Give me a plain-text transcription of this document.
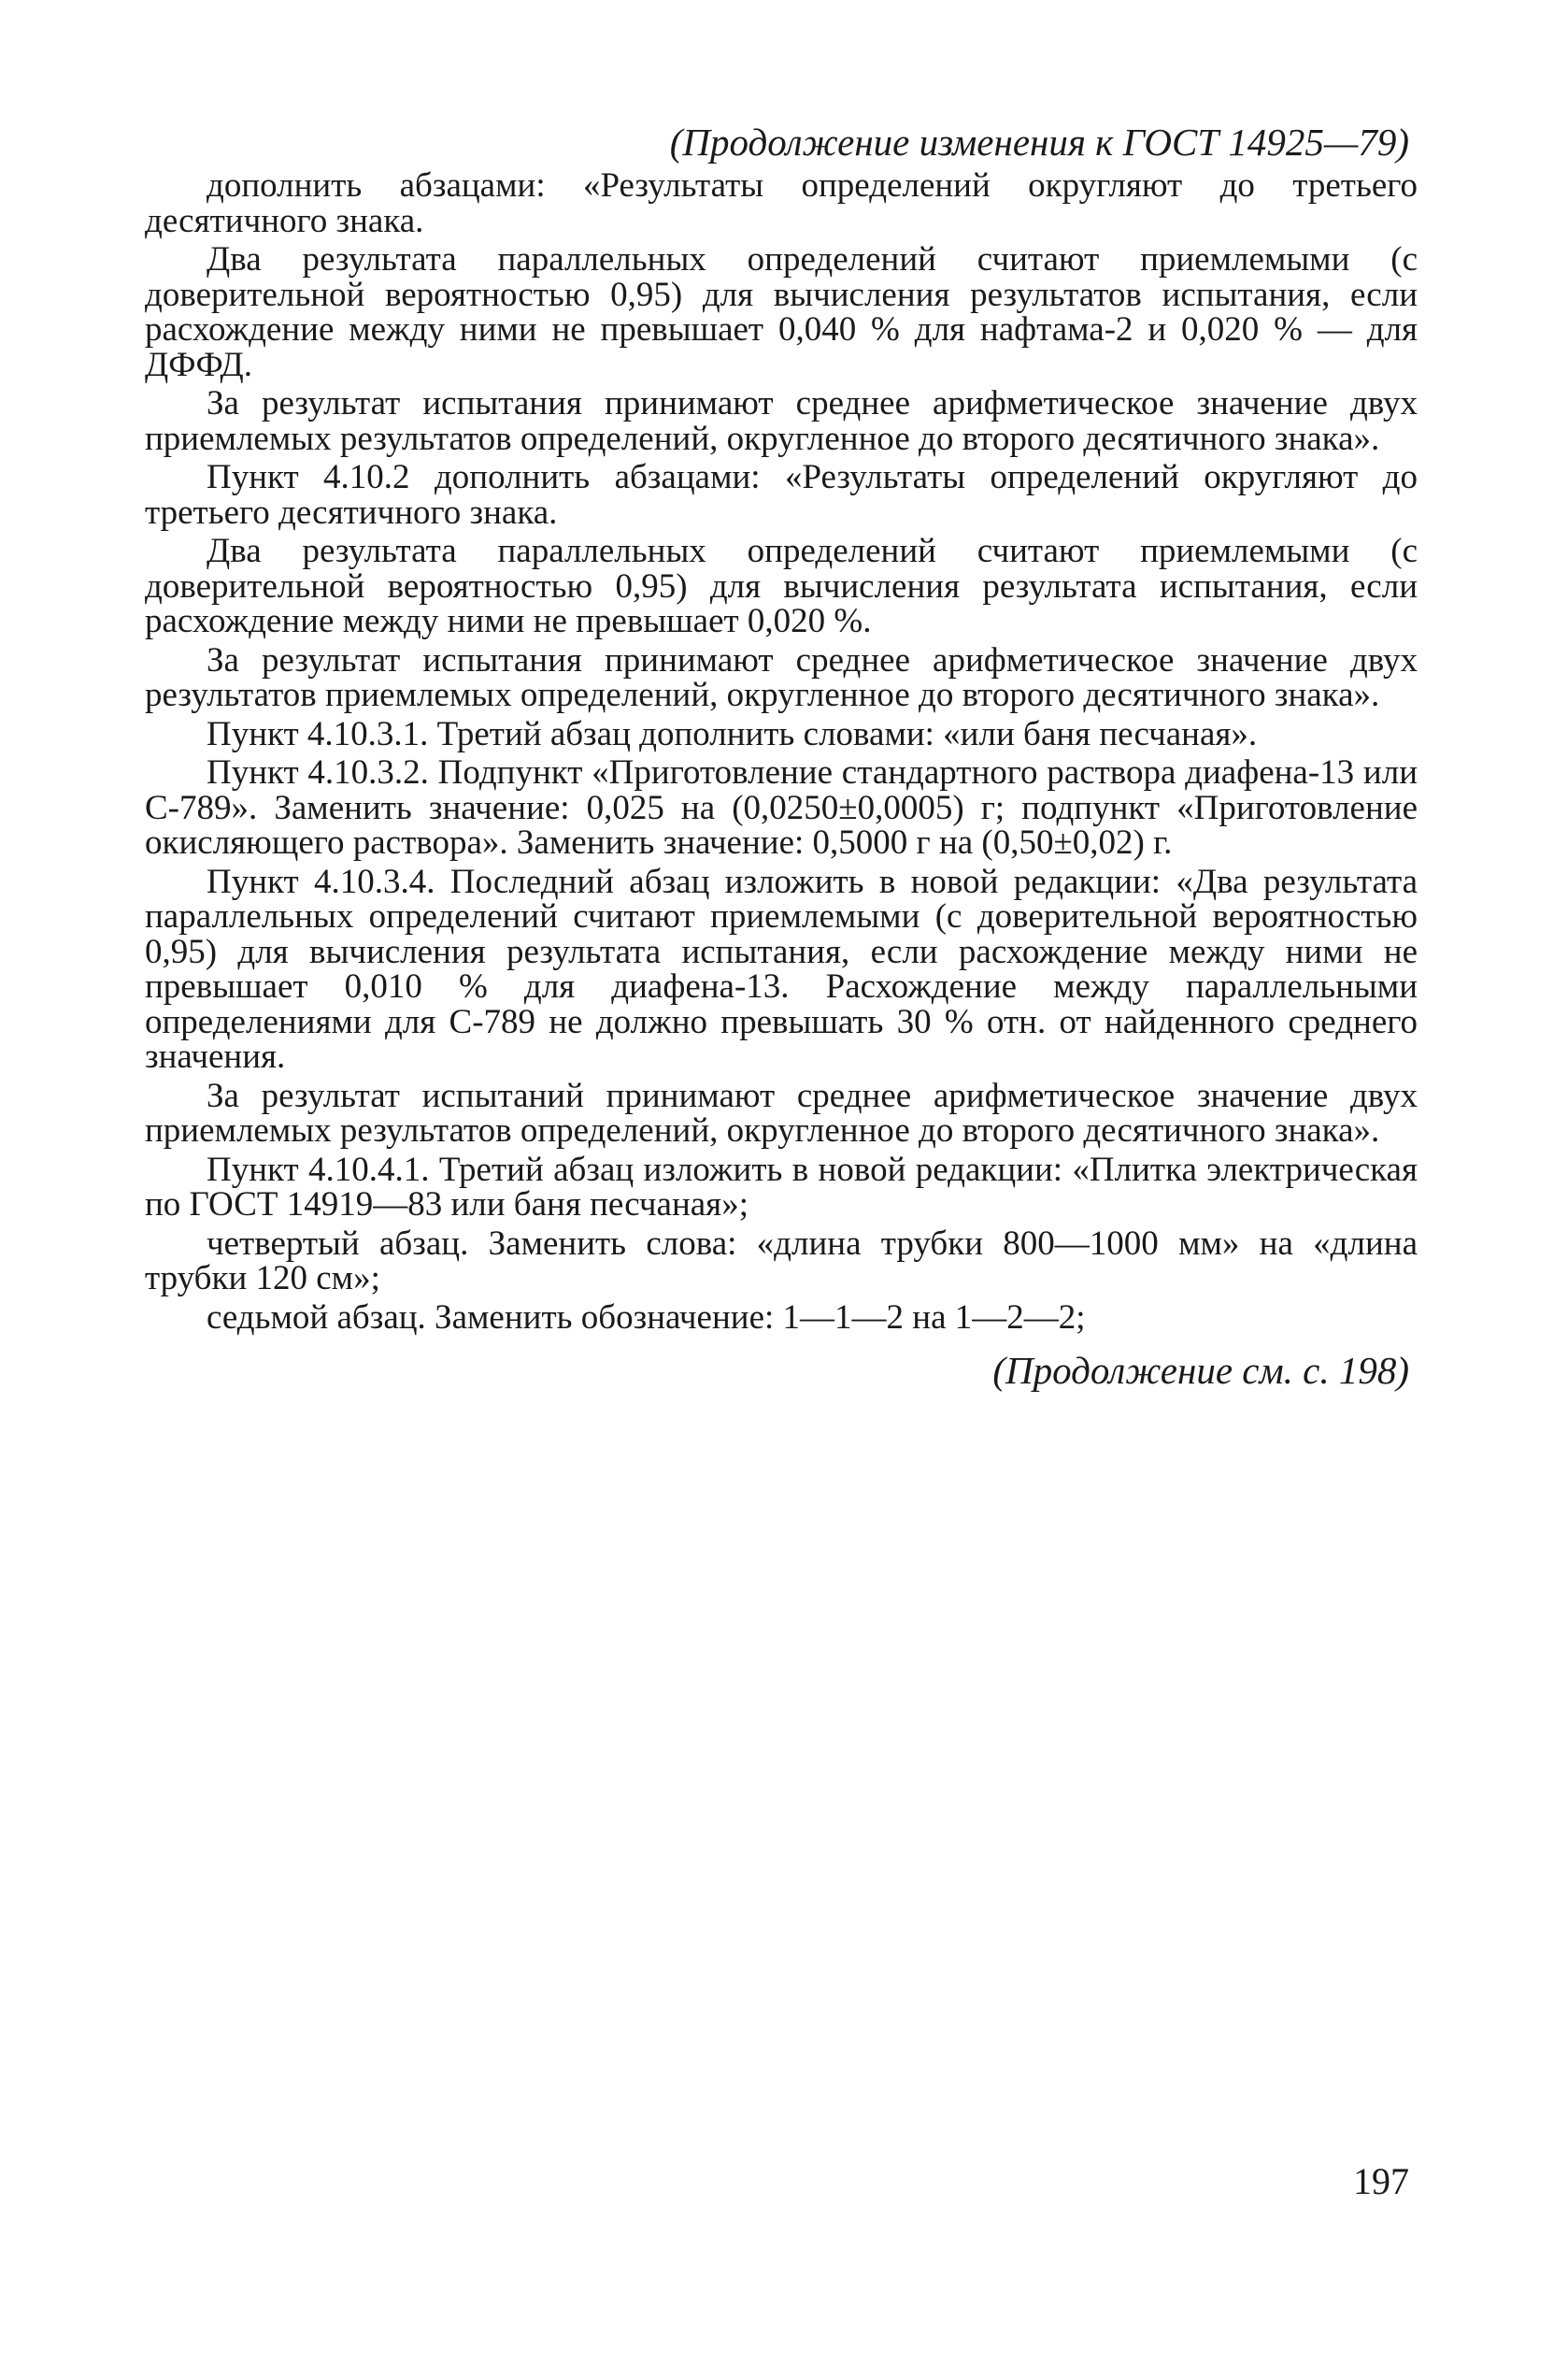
(Продолжение изменения к ГОСТ 14925—79)

дополнить абзацами: «Результаты определений округляют до третьего десятичного знака.

Два результата параллельных определений считают приемлемыми (с доверительной вероятностью 0,95) для вычисления результатов испытания, если расхождение между ними не превышает 0,040 % для нафтама-2 и 0,020 % — для ДФФД.

За результат испытания принимают среднее арифметическое значение двух приемлемых результатов определений, округленное до второго десятичного знака».

Пункт 4.10.2 дополнить абзацами: «Результаты определений округляют до третьего десятичного знака.

Два результата параллельных определений считают приемлемыми (с доверительной вероятностью 0,95) для вычисления результата испытания, если расхождение между ними не превышает 0,020 %.

За результат испытания принимают среднее арифметическое значение двух результатов приемлемых определений, округленное до второго десятичного знака».

Пункт 4.10.3.1. Третий абзац дополнить словами: «или баня песчаная».

Пункт 4.10.3.2. Подпункт «Приготовление стандартного раствора диафена-13 или С-789». Заменить значение: 0,025 на (0,0250±0,0005) г; подпункт «Приготовление окисляющего раствора». Заменить значение: 0,5000 г на (0,50±0,02) г.

Пункт 4.10.3.4. Последний абзац изложить в новой редакции: «Два результата параллельных определений считают приемлемыми (с доверительной вероятностью 0,95) для вычисления результата испытания, если расхождение между ними не превышает 0,010 % для диафена-13. Расхождение между параллельными определениями для С-789 не должно превышать 30 % отн. от найденного среднего значения.

За результат испытаний принимают среднее арифметическое значение двух приемлемых результатов определений, округленное до второго десятичного знака».

Пункт 4.10.4.1. Третий абзац изложить в новой редакции: «Плитка электрическая по ГОСТ 14919—83 или баня песчаная»;

четвертый абзац. Заменить слова: «длина трубки 800—1000 мм» на «длина трубки 120 см»;

седьмой абзац. Заменить обозначение: 1—1—2 на 1—2—2;

(Продолжение см. с. 198)
197
